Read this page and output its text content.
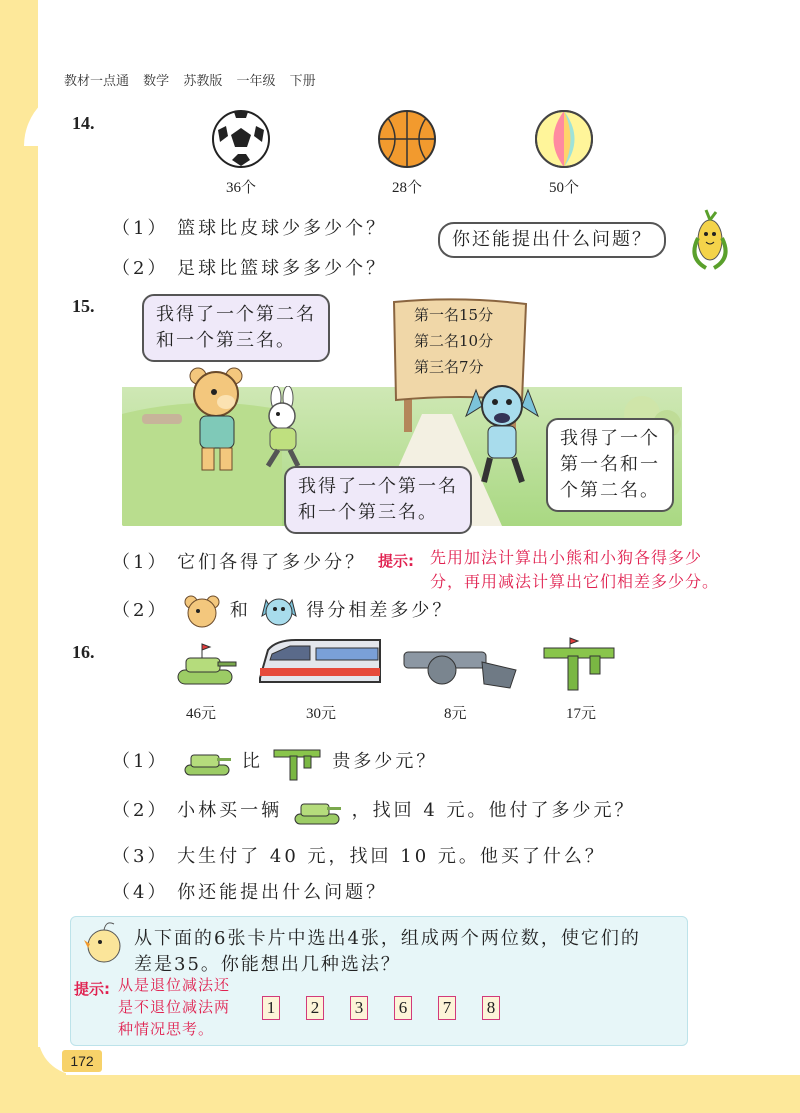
教材一点通 数学 苏教版 一年级 下册
14.
36个	28个	50个
（1） 篮球比皮球少多少个？
（2） 足球比篮球多多少个？
你还能提出什么问题？
15.	第一名15分
第二名10分
第三名7分
我得了一个第二名
和一个第三名。
我得了一个
第一名和一
个第二名。
我得了一个第一名
和一个第三名。
（1） 它们各得了多少分？ 提示: 先用加法计算出小熊和小狗各得多少
分，再用减法计算出它们相差多少分。
（2）	和	得分相差多少？
16.
46元	30元	8元	17元
（1）	比	贵多少元？
（2） 小林买一辆	，找回 4 元。他付了多少元？
（3） 大生付了 40 元，找回 10 元。他买了什么？
（4） 你还能提出什么问题？
从下面的6张卡片中选出4张，组成两个两位数，使它们的
差是35。你能想出几种选法？
提示: 从是退位减法还
是不退位减法两
种情况思考。
1 2 3 6 7 8
172
